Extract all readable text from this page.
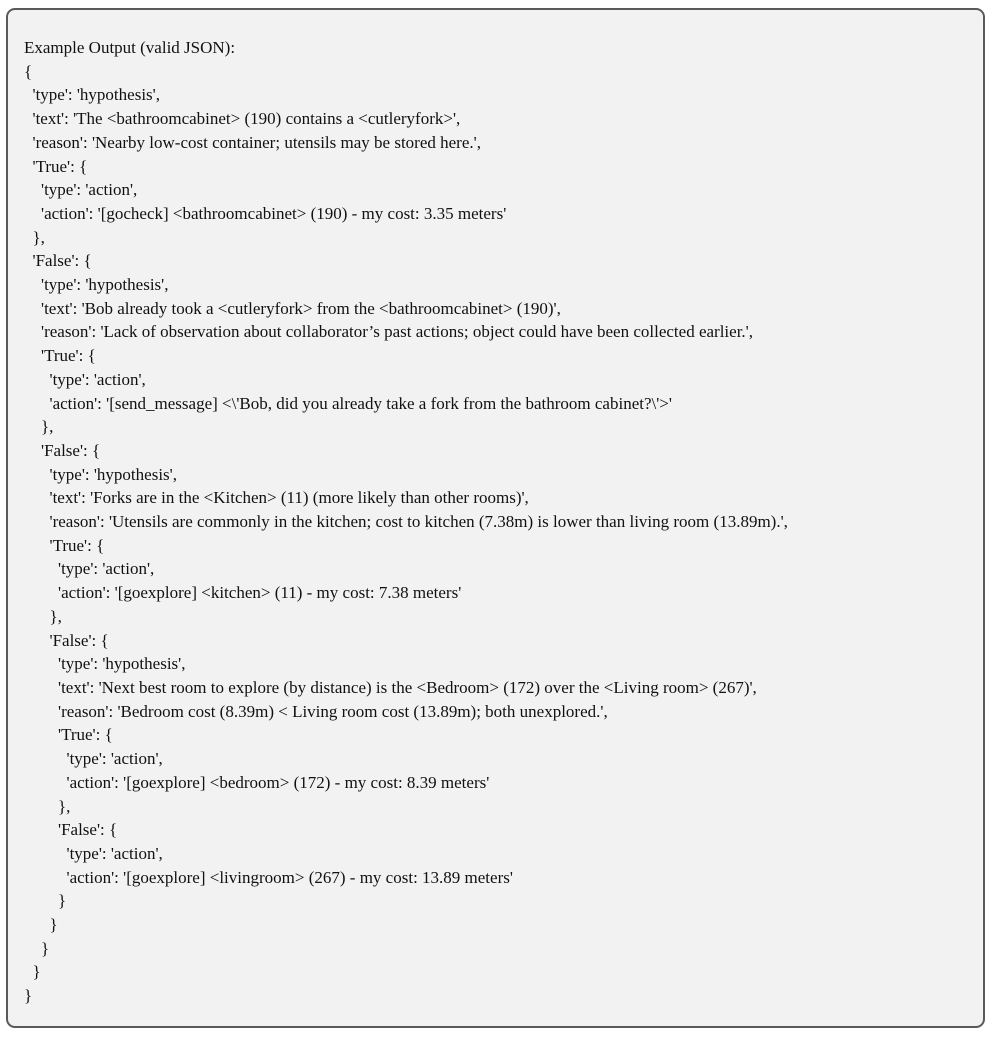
Example Output (valid JSON):

{

'type': 'hypothesis',

'text': 'The <bathroomcabinet> (190) contains a <cutleryfork>',

'reason': 'Nearby low-cost container; utensils may be stored here.',

'True': {

'type': 'action',

'action': '[gocheck] <bathroomcabinet> (190) - my cost: 3.35 meters'

},

'False': {

'type': 'hypothesis',

'text': 'Bob already took a <cutleryfork> from the <bathroomcabinet> (190)',

'reason': 'Lack of observation about collaborator’s past actions; object could have been collected earlier.',

'True': {

'type': 'action',

'action': '[send_message] <\'Bob, did you already take a fork from the bathroom cabinet?\'>'

},

'False': {

'type': 'hypothesis',

'text': 'Forks are in the <Kitchen> (11) (more likely than other rooms)',

'reason': 'Utensils are commonly in the kitchen; cost to kitchen (7.38m) is lower than living room (13.89m).',

'True': {

'type': 'action',

'action': '[goexplore] <kitchen> (11) - my cost: 7.38 meters'

},

'False': {

'type': 'hypothesis',

'text': 'Next best room to explore (by distance) is the <Bedroom> (172) over the <Living room> (267)',

'reason': 'Bedroom cost (8.39m) < Living room cost (13.89m); both unexplored.',

'True': {

'type': 'action',

'action': '[goexplore] <bedroom> (172) - my cost: 8.39 meters'

},

'False': {

'type': 'action',

'action': '[goexplore] <livingroom> (267) - my cost: 13.89 meters'

}

}

}

}

}
